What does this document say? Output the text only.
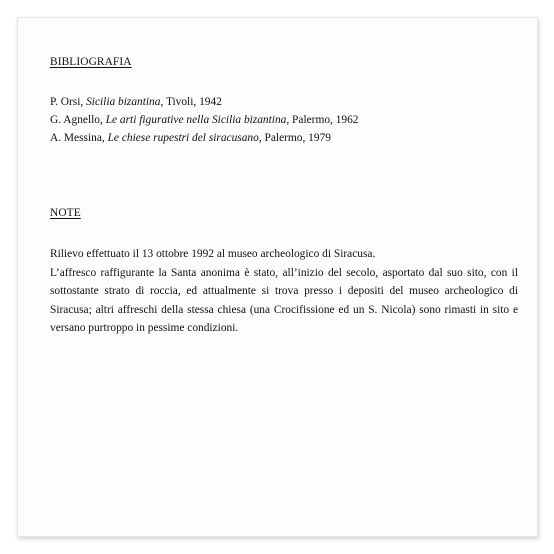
BIBLIOGRAFIA
P. Orsi, Sicilia bizantina, Tivoli, 1942
G. Agnello, Le arti figurative nella Sicilia bizantina, Palermo, 1962
A. Messina, Le chiese rupestri del siracusano, Palermo, 1979
NOTE
Rilievo effettuato il 13 ottobre 1992 al museo archeologico di Siracusa.

L’affresco raffigurante la Santa anonima è stato, all’inizio del secolo, asportato dal suo sito, con il sottostante strato di roccia, ed attualmente si trova presso i depositi del museo archeologico di Siracusa; altri affreschi della stessa chiesa (una Crocifissione ed un S. Nicola) sono rimasti in sito e versano purtroppo in pessime condizioni.
